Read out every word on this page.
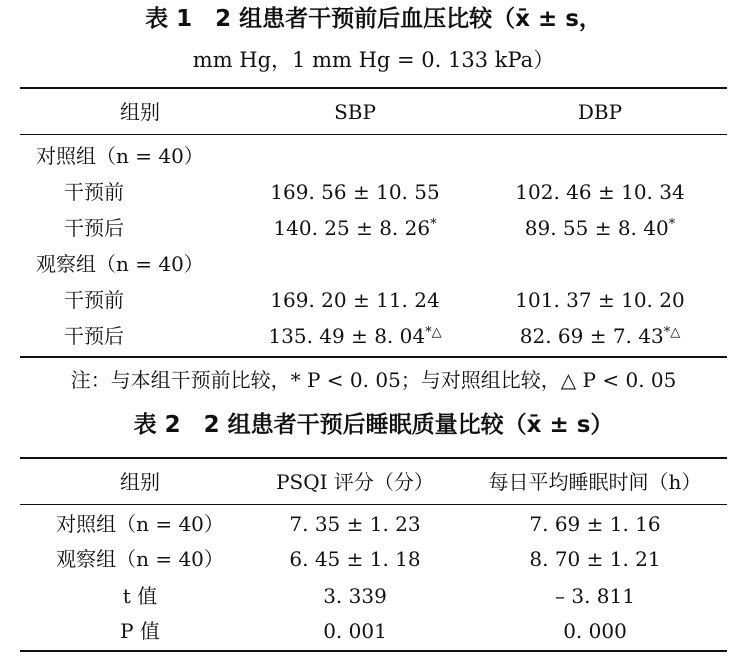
表 1　2 组患者干预前后血压比较（x̄ ± s，
mm Hg，1 mm Hg = 0. 133 kPa）
组别	SBP	DBP
对照组（n = 40）
干预前	169. 56 ± 10. 55	102. 46 ± 10. 34
干预后	140. 25 ± 8. 26*	89. 55 ± 8. 40*
观察组（n = 40）
干预前	169. 20 ± 11. 24	101. 37 ± 10. 20
干预后	135. 49 ± 8. 04*△	82. 69 ± 7. 43*△
注：与本组干预前比较，* P < 0. 05；与对照组比较，△ P < 0. 05
表 2　2 组患者干预后睡眠质量比较（x̄ ± s）
组别	PSQI 评分（分）	每日平均睡眠时间（h）
对照组（n = 40）	7. 35 ± 1. 23	7. 69 ± 1. 16
观察组（n = 40）	6. 45 ± 1. 18	8. 70 ± 1. 21
t 值	3. 339	– 3. 811
P 值	0. 001	0. 000
